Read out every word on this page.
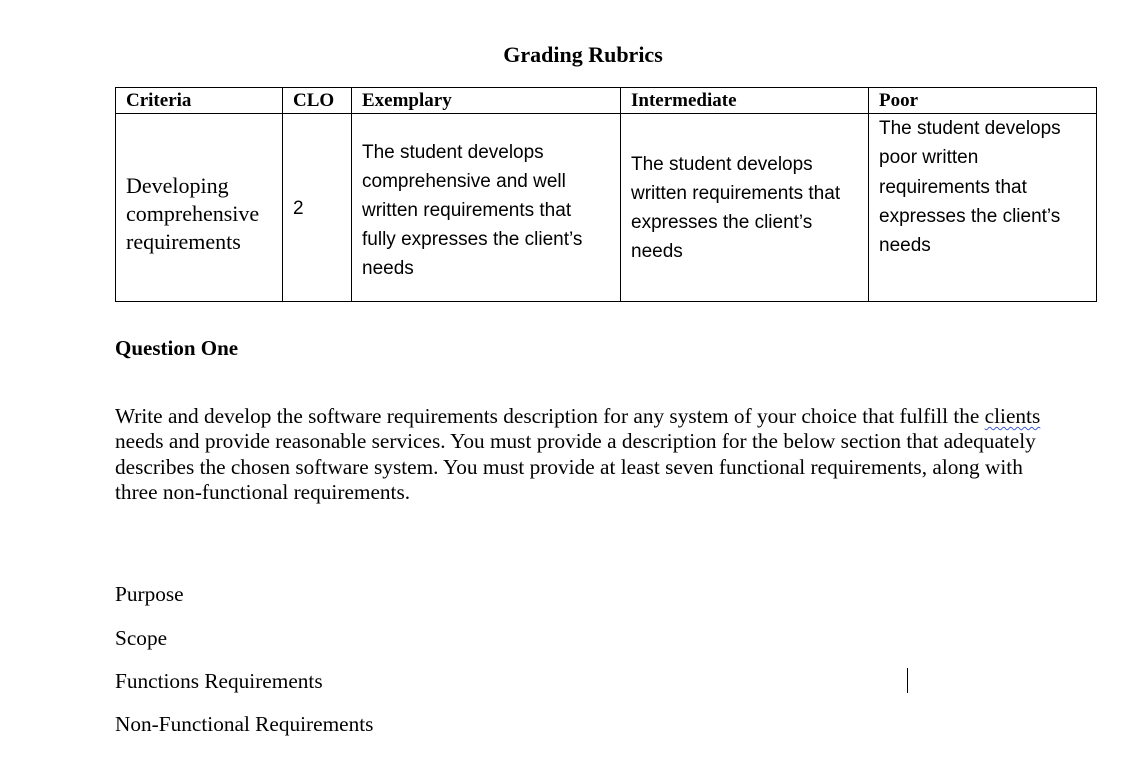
Grading Rubrics
Criteria	CLO	Exemplary	Intermediate	Poor
Developing
comprehensive
requirements	2	The student develops comprehensive and well written requirements that fully expresses the client’s needs	The student develops written requirements that expresses the client’s needs	The student develops poor written requirements that expresses the client’s needs
Question One

Write and develop the software requirements description for any system of your choice that fulfill the clients needs and provide reasonable services. You must provide a description for the below section that adequately describes the chosen software system. You must provide at least seven functional requirements, along with three non-functional requirements.

Purpose

Scope

Functions Requirements

Non-Functional Requirements
